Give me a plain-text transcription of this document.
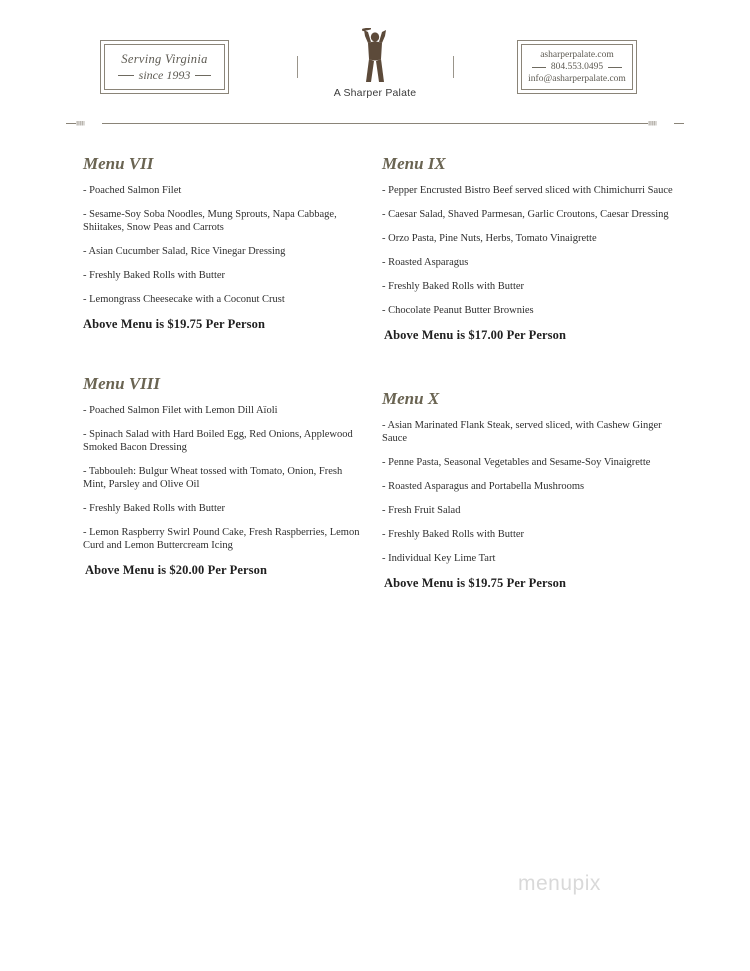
Serving Virginia
since 1993
A Sharper Palate
asharperpalate.com
804.553.0495
info@asharperpalate.com
||||||||||||	||||||||||||
Menu VII
- Poached Salmon Filet
- Sesame-Soy Soba Noodles, Mung Sprouts, Napa Cabbage, Shiitakes, Snow Peas and Carrots
- Asian Cucumber Salad, Rice Vinegar Dressing
- Freshly Baked Rolls with Butter
- Lemongrass Cheesecake with a Coconut Crust
Above Menu is $19.75 Per Person
Menu IX
- Pepper Encrusted Bistro Beef served sliced with Chimichurri Sauce
- Caesar Salad, Shaved Parmesan, Garlic Croutons, Caesar Dressing
- Orzo Pasta, Pine Nuts, Herbs, Tomato Vinaigrette
- Roasted Asparagus
- Freshly Baked Rolls with Butter
- Chocolate Peanut Butter Brownies
Above Menu is $17.00 Per Person
Menu VIII
- Poached Salmon Filet with Lemon Dill Aïoli
- Spinach Salad with Hard Boiled Egg, Red Onions, Applewood Smoked Bacon Dressing
- Tabbouleh: Bulgur Wheat tossed with Tomato, Onion, Fresh Mint, Parsley and Olive Oil
- Freshly Baked Rolls with Butter
- Lemon Raspberry Swirl Pound Cake, Fresh Raspberries, Lemon Curd and Lemon Buttercream Icing
Above Menu is $20.00 Per Person
Menu X
- Asian Marinated Flank Steak, served sliced, with Cashew Ginger Sauce
- Penne Pasta, Seasonal Vegetables and Sesame-Soy Vinaigrette
- Roasted Asparagus and Portabella Mushrooms
- Fresh Fruit Salad
- Freshly Baked Rolls with Butter
- Individual Key Lime Tart
Above Menu is $19.75 Per Person
menupix
